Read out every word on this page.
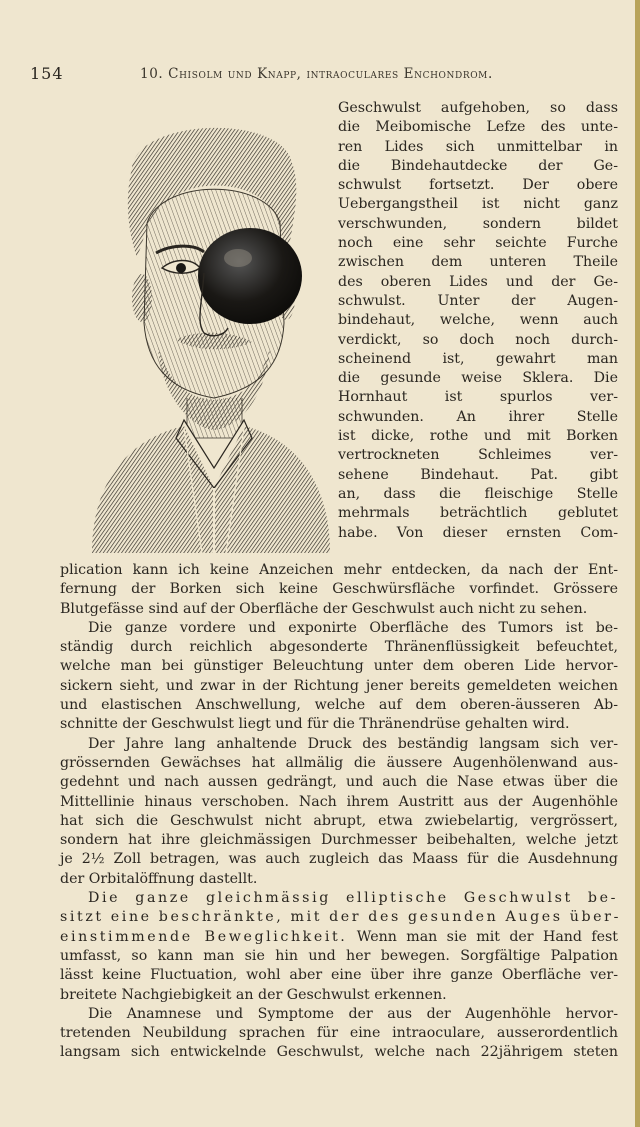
154	10. Chisolm und Knapp, intraoculares Enchondrom.
Geschwulst aufgehoben, so dass
die Meibomische Lefze des unte-
ren Lides sich unmittelbar in
die Bindehautdecke der Ge-
schwulst fortsetzt. Der obere
Uebergangstheil ist nicht ganz
verschwunden, sondern bildet
noch eine sehr seichte Furche
zwischen dem unteren Theile
des oberen Lides und der Ge-
schwulst. Unter der Augen-
bindehaut, welche, wenn auch
verdickt, so doch noch durch-
scheinend ist, gewahrt man
die gesunde weise Sklera. Die
Hornhaut ist spurlos ver-
schwunden. An ihrer Stelle
ist dicke, rothe und mit Borken
vertrockneten Schleimes ver-
sehene Bindehaut. Pat. gibt
an, dass die fleischige Stelle
mehrmals beträchtlich geblutet
habe. Von dieser ernsten Com-
plication kann ich keine Anzeichen mehr entdecken, da nach der Ent-
fernung der Borken sich keine Geschwürsfläche vorfindet. Grössere
Blutgefässe sind auf der Oberfläche der Geschwulst auch nicht zu sehen.
Die ganze vordere und exponirte Oberfläche des Tumors ist be-
ständig durch reichlich abgesonderte Thränenflüssigkeit befeuchtet,
welche man bei günstiger Beleuchtung unter dem oberen Lide hervor-
sickern sieht, und zwar in der Richtung jener bereits gemeldeten weichen
und elastischen Anschwellung, welche auf dem oberen-äusseren Ab-
schnitte der Geschwulst liegt und für die Thränendrüse gehalten wird.
Der Jahre lang anhaltende Druck des beständig langsam sich ver-
grössernden Gewächses hat allmälig die äussere Augenhölenwand aus-
gedehnt und nach aussen gedrängt, und auch die Nase etwas über die
Mittellinie hinaus verschoben. Nach ihrem Austritt aus der Augenhöhle
hat sich die Geschwulst nicht abrupt, etwa zwiebelartig, vergrössert,
sondern hat ihre gleichmässigen Durchmesser beibehalten, welche jetzt
je 2½ Zoll betragen, was auch zugleich das Maass für die Ausdehnung
der Orbitalöffnung dastellt.
Die ganze gleichmässig elliptische Geschwulst be-
sitzt eine beschränkte, mit der des gesunden Auges über-
einstimmende Beweglichkeit. Wenn man sie mit der Hand fest
umfasst, so kann man sie hin und her bewegen. Sorgfältige Palpation
lässt keine Fluctuation, wohl aber eine über ihre ganze Oberfläche ver-
breitete Nachgiebigkeit an der Geschwulst erkennen.
Die Anamnese und Symptome der aus der Augenhöhle hervor-
tretenden Neubildung sprachen für eine intraoculare, ausserordentlich
langsam sich entwickelnde Geschwulst, welche nach 22jährigem steten
